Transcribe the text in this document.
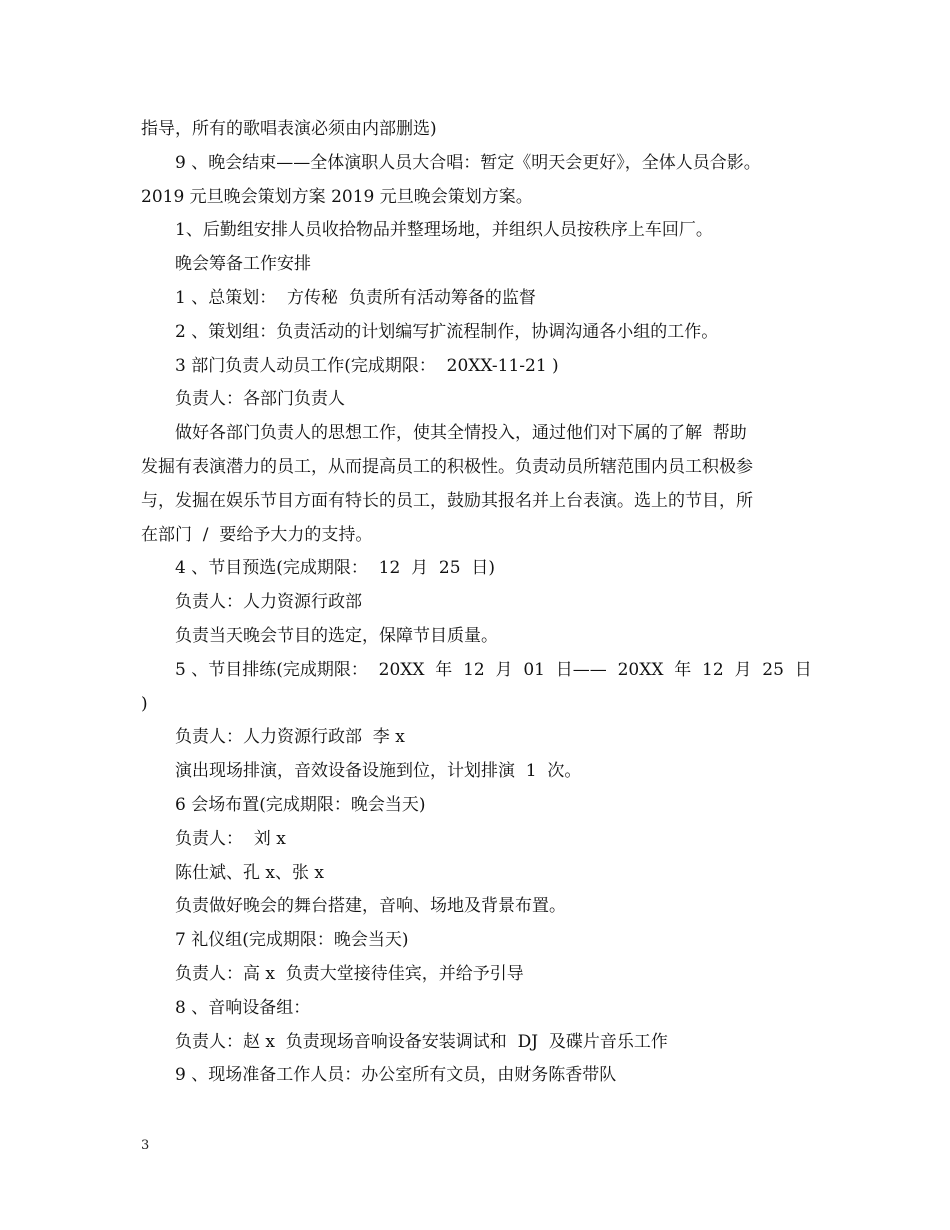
指导，所有的歌唱表演必须由内部删选)

9 、晚会结束——全体演职人员大合唱：暂定《明天会更好》，全体人员合影。

2019 元旦晚会策划方案 2019 元旦晚会策划方案。

1、后勤组安排人员收拾物品并整理场地，并组织人员按秩序上车回厂。

晚会筹备工作安排

1 、总策划：  方传秘  负责所有活动筹备的监督

2 、策划组：负责活动的计划编写扩流程制作，协调沟通各小组的工作。

3 部门负责人动员工作(完成期限：  20XX-11-21 )

负责人：各部门负责人

做好各部门负责人的思想工作，使其全情投入，通过他们对下属的了解  帮助

发掘有表演潜力的员工，从而提高员工的积极性。负责动员所辖范围内员工积极参

与，发掘在娱乐节目方面有特长的员工，鼓励其报名并上台表演。选上的节目，所

在部门  /  要给予大力的支持。

4 、节目预选(完成期限：  12  月  25  日)

负责人：人力资源行政部

负责当天晚会节目的选定，保障节目质量。

5 、节目排练(完成期限：  20XX  年  12  月  01  日——  20XX  年  12  月  25  日

)

负责人：人力资源行政部  李 x

演出现场排演，音效设备设施到位，计划排演  1  次。

6 会场布置(完成期限：晚会当天)

负责人：  刘 x

陈仕斌、孔 x、张 x

负责做好晚会的舞台搭建，音响、场地及背景布置。

7 礼仪组(完成期限：晚会当天)

负责人：高 x  负责大堂接待佳宾，并给予引导

8 、音响设备组：

负责人：赵 x  负责现场音响设备安装调试和  DJ  及碟片音乐工作

9 、现场准备工作人员：办公室所有文员，由财务陈香带队

3
